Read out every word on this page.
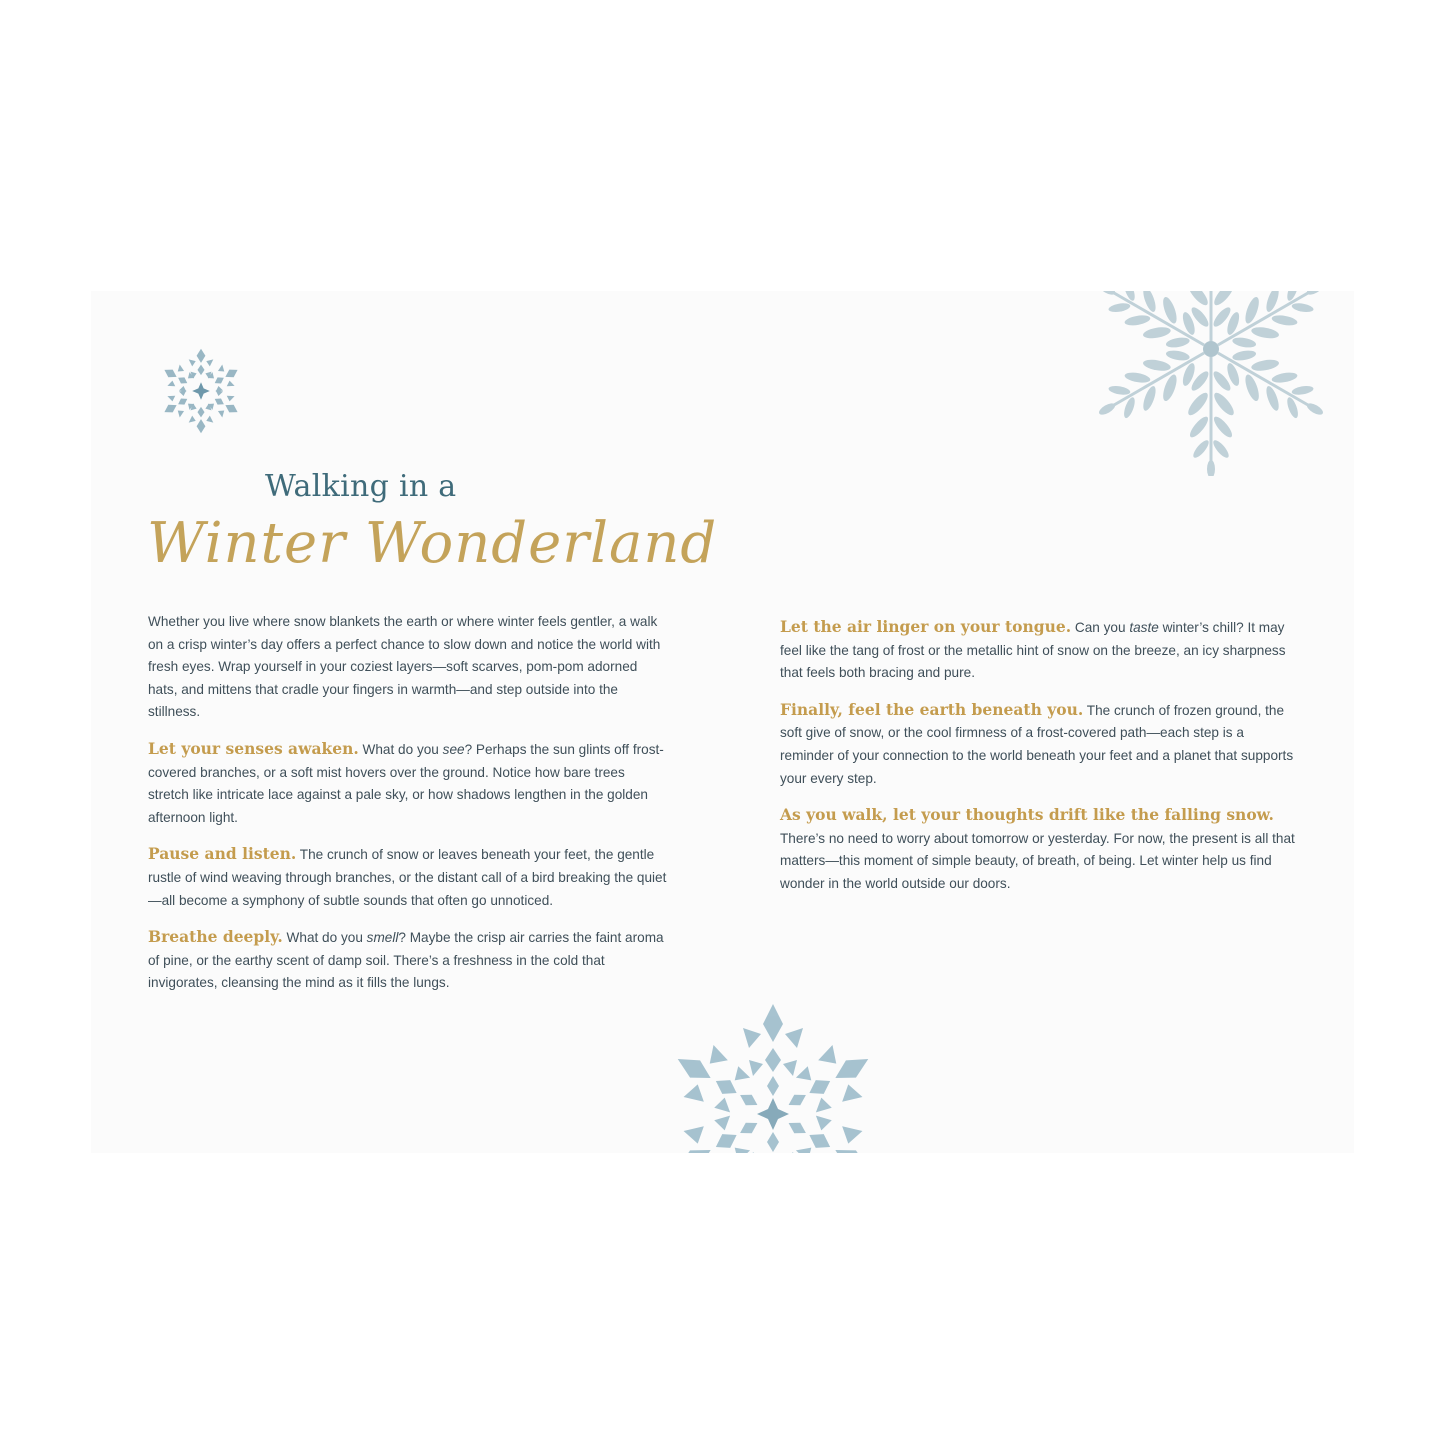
Walking in a
Winter Wonderland

Whether you live where snow blankets the earth or where winter feels gentler, a walk on a crisp winter’s day offers a perfect chance to slow down and notice the world with fresh eyes. Wrap yourself in your coziest layers—soft scarves, pom-pom adorned hats, and mittens that cradle your fingers in warmth—and step outside into the stillness.

Let your senses awaken. What do you see? Perhaps the sun glints off frost-covered branches, or a soft mist hovers over the ground. Notice how bare trees stretch like intricate lace against a pale sky, or how shadows lengthen in the golden afternoon light.

Pause and listen. The crunch of snow or leaves beneath your feet, the gentle rustle of wind weaving through branches, or the distant call of a bird breaking the quiet—all become a symphony of subtle sounds that often go unnoticed.

Breathe deeply. What do you smell? Maybe the crisp air carries the faint aroma of pine, or the earthy scent of damp soil. There’s a freshness in the cold that invigorates, cleansing the mind as it fills the lungs.

Let the air linger on your tongue. Can you taste winter’s chill? It may feel like the tang of frost or the metallic hint of snow on the breeze, an icy sharpness that feels both bracing and pure.

Finally, feel the earth beneath you. The crunch of frozen ground, the soft give of snow, or the cool firmness of a frost-covered path—each step is a reminder of your connection to the world beneath your feet and a planet that supports your every step.

As you walk, let your thoughts drift like the falling snow. There’s no need to worry about tomorrow or yesterday. For now, the present is all that matters—this moment of simple beauty, of breath, of being. Let winter help us find wonder in the world outside our doors.
